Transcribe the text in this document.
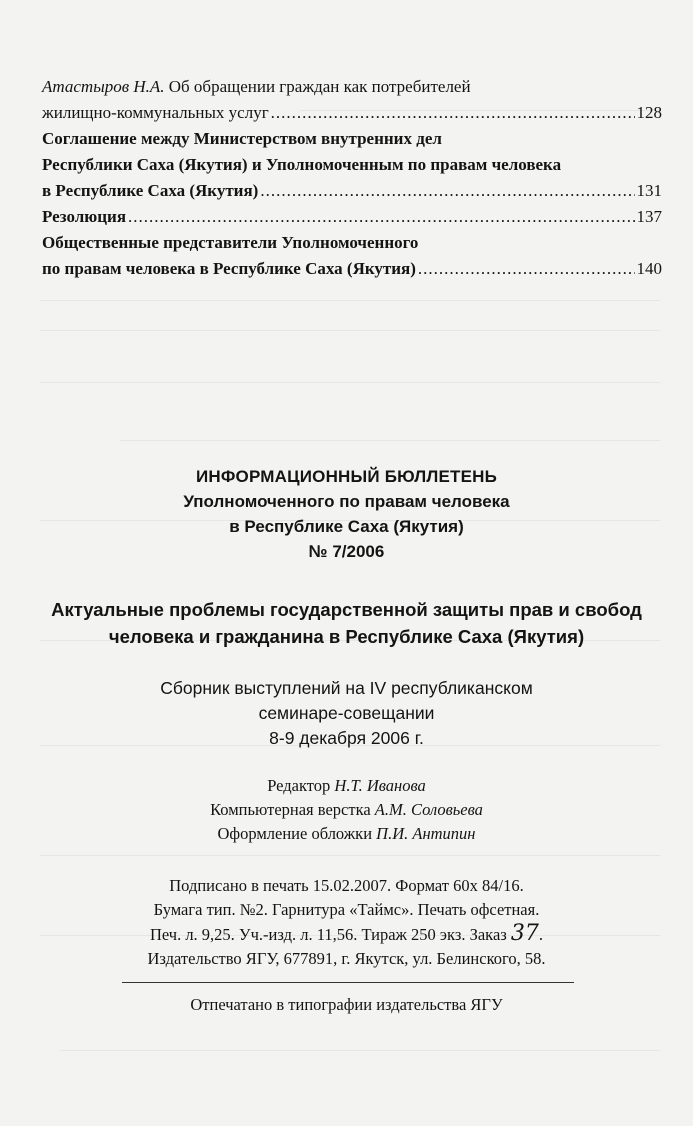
Атастыров Н.А. Об обращении граждан как потребителей
жилищно-коммунальных услуг .....	128
Соглашение между Министерством внутренних дел
Республики Саха (Якутия) и Уполномоченным по правам человека
в Республике Саха (Якутия) .....	131
Резолюция .....	137
Общественные представители Уполномоченного
по правам человека в Республике Саха (Якутия) .....	140
ИНФОРМАЦИОННЫЙ БЮЛЛЕТЕНЬ
Уполномоченного по правам человека
в Республике Саха (Якутия)
№ 7/2006
Актуальные проблемы государственной защиты прав и свобод
человека и гражданина в Республике Саха (Якутия)
Сборник выступлений на IV республиканском
семинаре-совещании
8-9 декабря 2006 г.
Редактор Н.Т. Иванова
Компьютерная верстка А.М. Соловьева
Оформление обложки П.И. Антипин
Подписано в печать 15.02.2007. Формат 60х 84/16.
Бумага тип. №2. Гарнитура «Таймс». Печать офсетная.
Печ. л. 9,25. Уч.-изд. л. 11,56. Тираж 250 экз. Заказ 37.
Издательство ЯГУ, 677891, г. Якутск, ул. Белинского, 58.
Отпечатано в типографии издательства ЯГУ
